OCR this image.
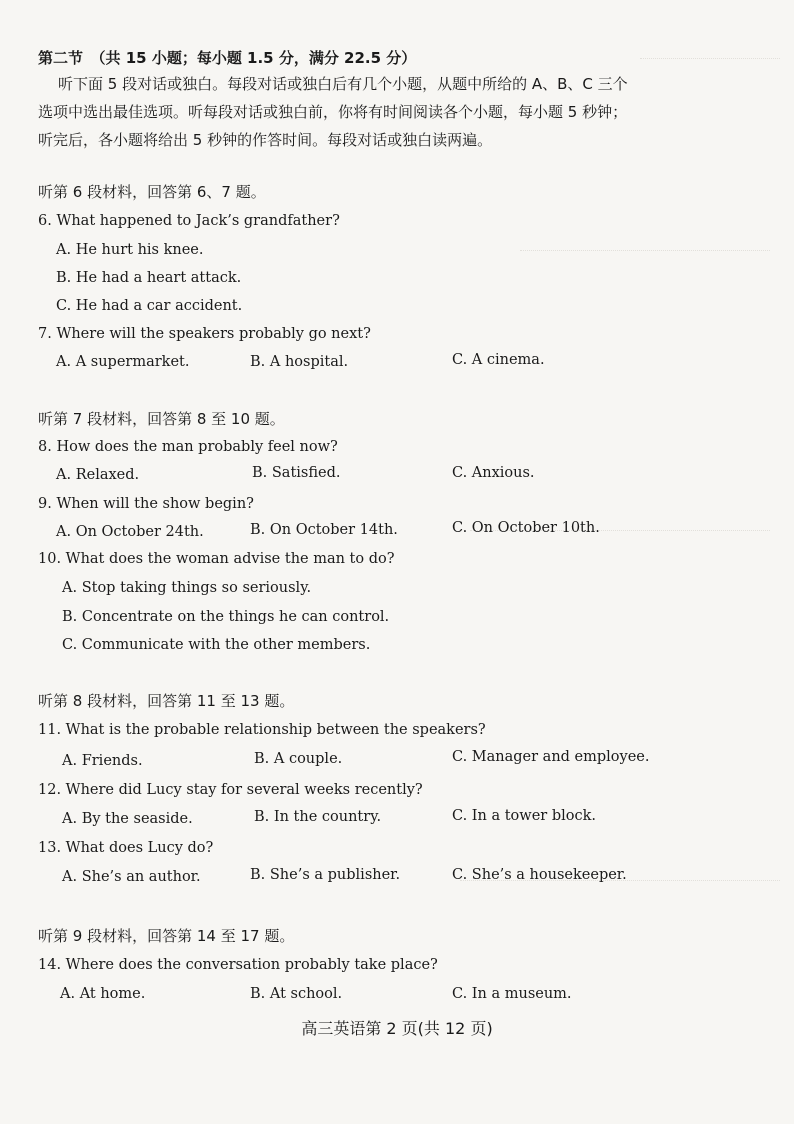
第二节　（共 15 小题；每小题 1.5 分，满分 22.5 分）
听下面 5 段对话或独白。每段对话或独白后有几个小题，从题中所给的 A、B、C 三个
选项中选出最佳选项。听每段对话或独白前，你将有时间阅读各个小题，每小题 5 秒钟；
听完后，各小题将给出 5 秒钟的作答时间。每段对话或独白读两遍。
听第 6 段材料，回答第 6、7 题。
6. What happened to Jack’s grandfather?
A. He hurt his knee.
B. He had a heart attack.
C. He had a car accident.
7. Where will the speakers probably go next?
A. A supermarket.	B. A hospital.	C. A cinema.
听第 7 段材料，回答第 8 至 10 题。
8. How does the man probably feel now?
A. Relaxed.	B. Satisfied.	C. Anxious.
9. When will the show begin?
A. On October 24th.	B. On October 14th.	C. On October 10th.
10. What does the woman advise the man to do?
A. Stop taking things so seriously.
B. Concentrate on the things he can control.
C. Communicate with the other members.
听第 8 段材料，回答第 11 至 13 题。
11. What is the probable relationship between the speakers?
A. Friends.	B. A couple.	C. Manager and employee.
12. Where did Lucy stay for several weeks recently?
A. By the seaside.	B. In the country.	C. In a tower block.
13. What does Lucy do?
A. She’s an author.	B. She’s a publisher.	C. She’s a housekeeper.
听第 9 段材料，回答第 14 至 17 题。
14. Where does the conversation probably take place?
A. At home.	B. At school.	C. In a museum.
高三英语第 2 页(共 12 页)
